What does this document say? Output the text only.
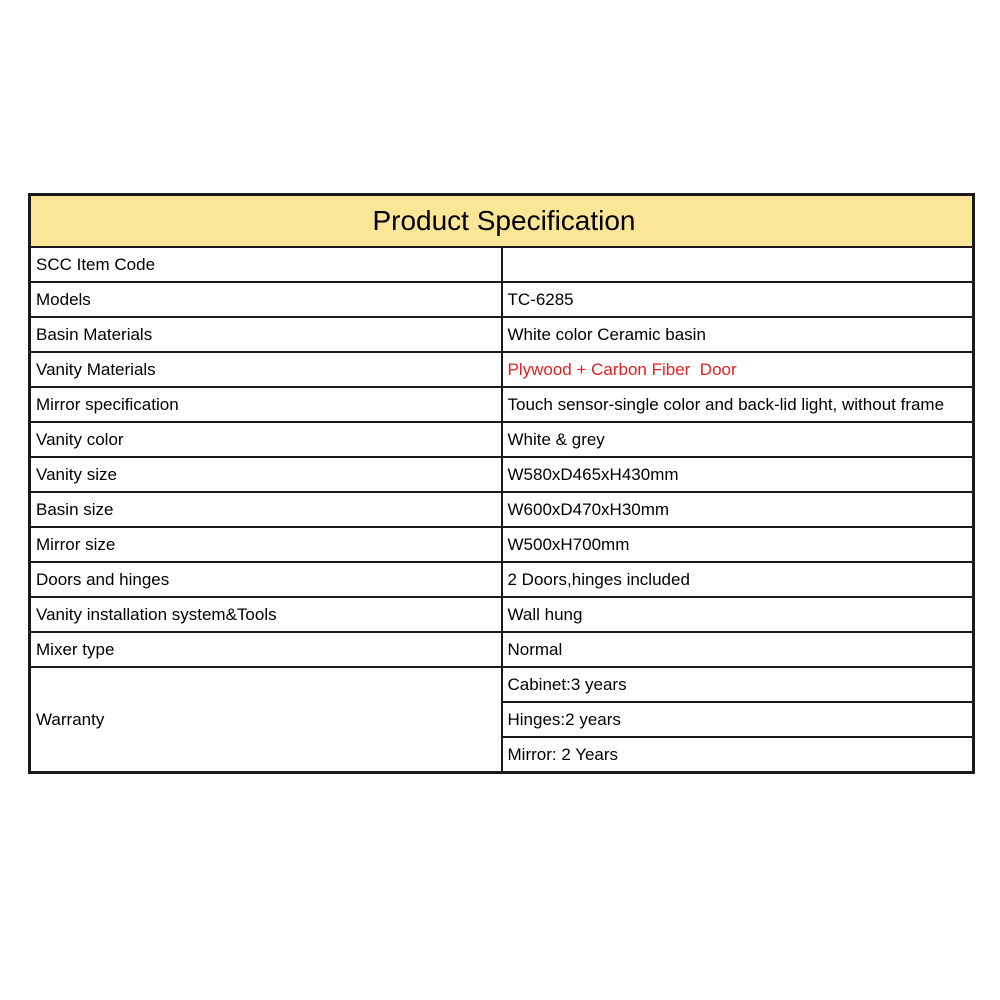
Product Specification	
SCC Item Code	
Models	TC-6285
Basin Materials	White color Ceramic basin
Vanity Materials	Plywood + Carbon Fiber  Door
Mirror specification	Touch sensor-single color and back-lid light, without frame
Vanity color	White & grey
Vanity size	W580xD465xH430mm
Basin size	W600xD470xH30mm
Mirror size	W500xH700mm
Doors and hinges	2 Doors,hinges included
Vanity installation system&Tools	Wall hung
Mixer type	Normal
Warranty	Cabinet:3 years
	Hinges:2 years
	Mirror: 2 Years
